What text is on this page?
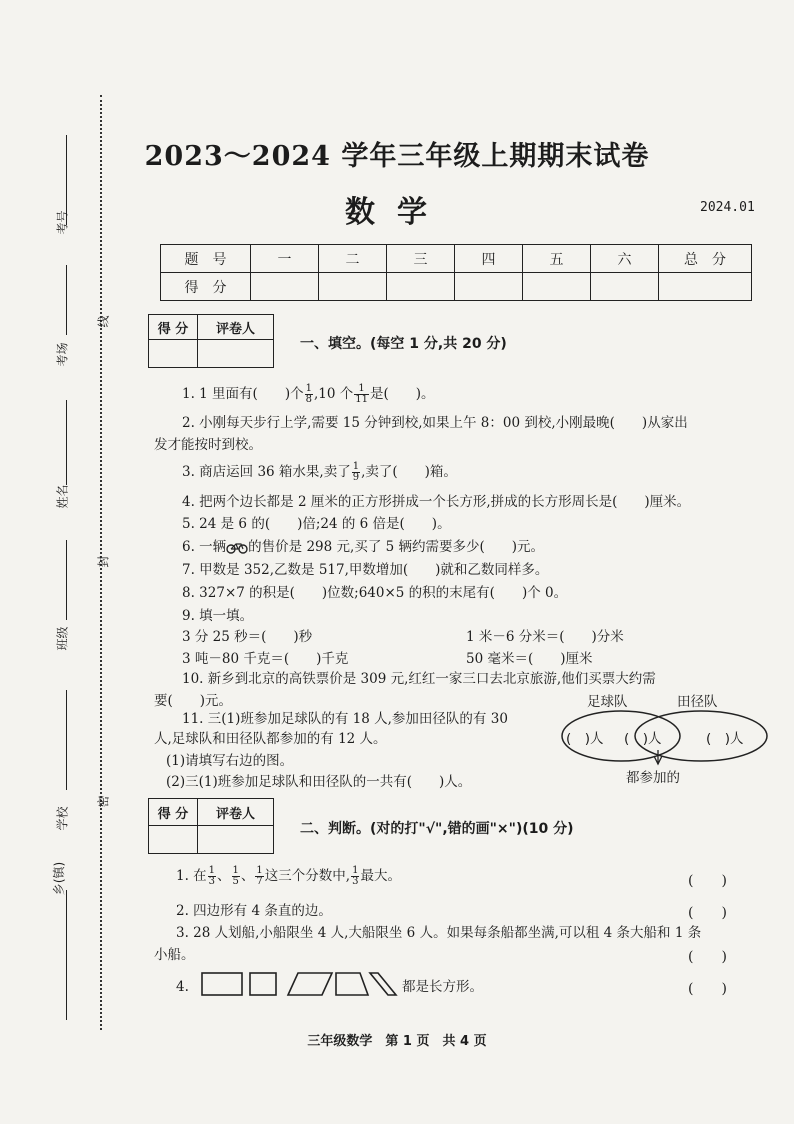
考号
考场
姓名
班级
学校
乡(镇)
线
封
密
2023～2024 学年三年级上期期末试卷
数学	2024.01
题　号	一	二	三	四	五	六	总　分
得　分							
得 分	评卷人

一、填空。(每空 1 分,共 20 分)
1. 1 里面有(　　)个 $\frac{1}{8} ,10$ 个 $\frac{1}{11}$ 是(　　)。
2. 小刚每天步行上学,需要 15 分钟到校,如果上午 8：00 到校,小刚最晚(　　)从家出
发才能按时到校。
3. 商店运回 36 箱水果,卖了 $\frac{1}{9}$ ,卖了(　　)箱。
4. 把两个边长都是 2 厘米的正方形拼成一个长方形,拼成的长方形周长是(　　)厘米。
5. 24 是 6 的(　　)倍;24 的 6 倍是(　　)。
6. 一辆 的售价是 298 元,买了 5 辆约需要多少(　　)元。
7. 甲数是 352,乙数是 517,甲数增加(　　)就和乙数同样多。
8. 327×7 的积是(　　)位数;640×5 的积的末尾有(　　)个 0。
9. 填一填。
3 分 25 秒＝(　　)秒	1 米－6 分米＝(　　)分米
3 吨－80 千克＝(　　)千克	50 毫米＝(　　)厘米
10. 新乡到北京的高铁票价是 309 元,红红一家三口去北京旅游,他们买票大约需
要(　　)元。
11. 三(1)班参加足球队的有 18 人,参加田径队的有 30
人,足球队和田径队都参加的有 12 人。
(1)请填写右边的图。
(2)三(1)班参加足球队和田径队的一共有(　　)人。
足球队	田径队
(　)人 (　)人	(　)人
都参加的
得 分	评卷人

二、判断。(对的打"√",错的画"×")(10 分)
1. 在 $\frac{1}{3}$ 、 $\frac{1}{5}$ 、 $\frac{1}{7}$ 这三个分数中, $\frac{1}{3}$ 最大。	(　　)
2. 四边形有 4 条直的边。	(　　)
3. 28 人划船,小船限坐 4 人,大船限坐 6 人。如果每条船都坐满,可以租 4 条大船和 1 条
小船。	(　　)
4.	都是长方形。	(　　)
三年级数学　第 1 页　共 4 页
